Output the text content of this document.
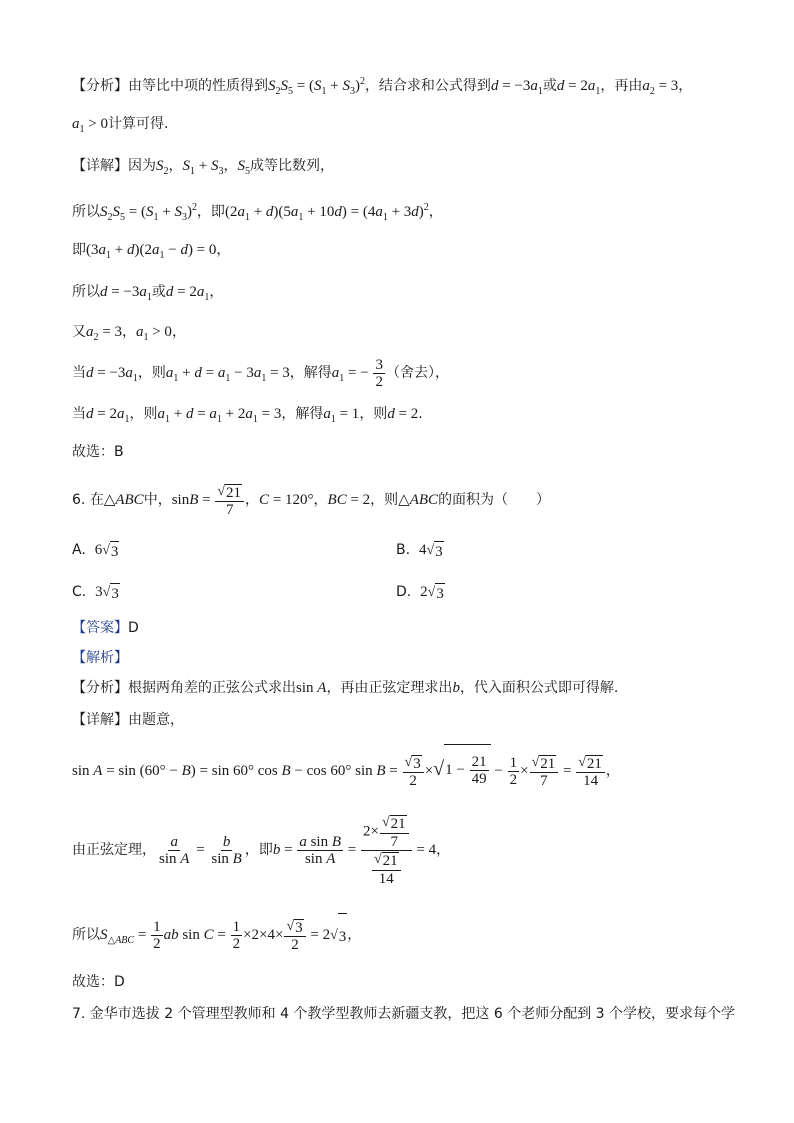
【分析】由等比中项的性质得到$S_2S_5 = (S_1 + S_3)^2$，结合求和公式得到$d = -3a_1$或$d = 2a_1$，再由$a_2 = 3$，
$a_1 > 0$计算可得.
【详解】因为$S_2$，$S_1 + S_3$，$S_5$成等比数列，
所以$S_2S_5 = (S_1 + S_3)^2$，即$(2a_1 + d)(5a_1 + 10d) = (4a_1 + 3d)^2$，
即$(3a_1 + d)(2a_1 - d) = 0$，
所以$d = -3a_1$或$d = 2a_1$，
又$a_2 = 3$，$a_1 > 0$，
当$d = -3a_1$，则$a_1 + d = a_1 - 3a_1 = 3$，解得$a_1$ = − $\frac{3}{2}$ （舍去），
当$d = 2a_1$，则$a_1 + d = a_1 + 2a_1 = 3$，解得$a_1 = 1$，则d = 2.
故选：B
6. 在△ABC中，$\sin B = \frac{√ 21}{7}$ ，C = 120°，BC = 2，则△ABC的面积为（　　）
A. 6 √ 3	B. 4 √ 3
C. 3 √ 3	D. 2 √ 3
【答案】D
【解析】
【分析】根据两角差的正弦公式求出sin A，再由正弦定理求出b，代入面积公式即可得解.
【详解】由题意，
sin A = sin (60° − B) = sin 60° cos B − cos 60° $\sin B = \frac{√ 3}{2}$ × √ $1 - \frac{21}{49} - \frac{1}{2} \times \frac{√ 21}{7} = \frac{√ 21}{14}$ ，
由正弦定理， $\frac{a}{\text{sin A}} = \frac{b}{\text{sin B}}$ ，即$b = \frac{\text{a sin B}}{\text{sin A}} = \frac{2\times \frac{√ 21}{7}}{\frac{√ 21}{14}} = 4$，
所以$S_{\triangle ABC} = \frac{1}{2}$ ab $\sin C = \frac{1}{2} \times 2\times 4\times \frac{√ 3}{2} = 2$ √ 3 ，
故选：D
7. 金华市选拔 2 个管理型教师和 4 个教学型教师去新疆支教，把这 6 个老师分配到 3 个学校，要求每个学
